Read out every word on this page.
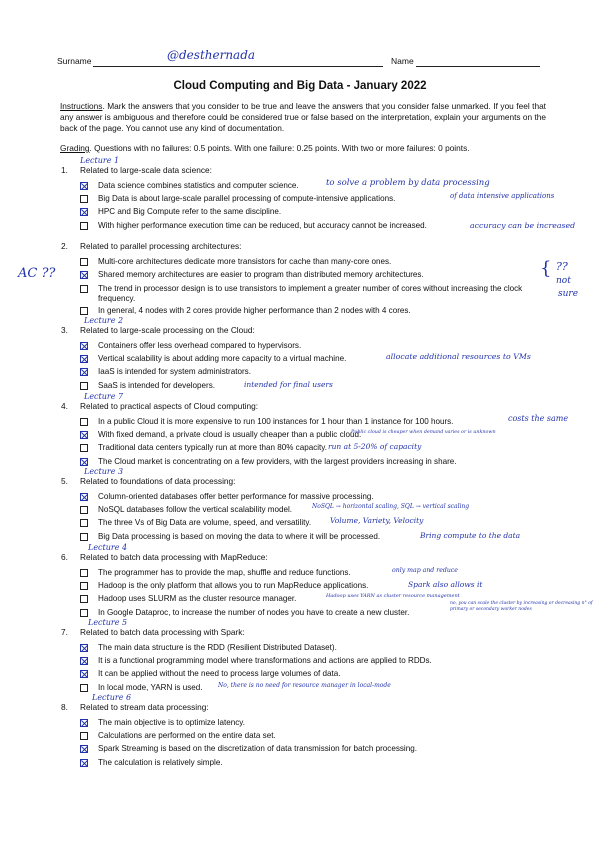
Surname	@desthernada	Name
Cloud Computing and Big Data - January 2022
Instructions. Mark the answers that you consider to be true and leave the answers that you consider false unmarked. If you feel that any answer is ambiguous and therefore could be considered true or false based on the interpretation, explain your arguments on the back of the page. You cannot use any kind of documentation.
Grading. Questions with no failures: 0.5 points. With one failure: 0.25 points. With two or more failures: 0 points.
Lecture 1
1. Related to large-scale data science:
Data science combines statistics and computer science.	to solve a problem by data processing
Big Data is about large-scale parallel processing of compute-intensive applications.	of data intensive applications
HPC and Big Compute refer to the same discipline.
With higher performance execution time can be reduced, but accuracy cannot be increased.	accuracy can be increased
2. Related to parallel processing architectures:
Multi-core architectures dedicate more transistors for cache than many-core ones.
Shared memory architectures are easier to program than distributed memory architectures.
The trend in processor design is to use transistors to implement a greater number of cores without increasing the clock frequency.
In general, 4 nodes with 2 cores provide higher performance than 2 nodes with 4 cores.
Lecture 2
3. Related to large-scale processing on the Cloud:
Containers offer less overhead compared to hypervisors.
Vertical scalability is about adding more capacity to a virtual machine.	allocate additional resources to VMs
IaaS is intended for system administrators.
SaaS is intended for developers.	intended for final users
Lecture 7
4. Related to practical aspects of Cloud computing:
In a public Cloud it is more expensive to run 100 instances for 1 hour than 1 instance for 100 hours.	costs the same
With fixed demand, a private cloud is usually cheaper than a public cloud.
Public cloud is cheaper when demand varies or is unknown
Traditional data centers typically run at more than 80% capacity. run at 5-20% of capacity
The Cloud market is concentrating on a few providers, with the largest providers increasing in share.
Lecture 3
5. Related to foundations of data processing:
Column-oriented databases offer better performance for massive processing.
NoSQL databases follow the vertical scalability model.	NoSQL → horizontal scaling, SQL → vertical scaling
The three Vs of Big Data are volume, speed, and versatility.	Volume, Variety, Velocity
Big Data processing is based on moving the data to where it will be processed.	Bring compute to the data
Lecture 4
6. Related to batch data processing with MapReduce:
The programmer has to provide the map, shuffle and reduce functions.	only map and reduce
Hadoop is the only platform that allows you to run MapReduce applications.	Spark also allows it
Hadoop uses SLURM as the cluster resource manager.	Hadoop uses YARN as cluster resource management
In Google Dataproc, to increase the number of nodes you have to create a new cluster.
no, you can scale the cluster by increasing or decreasing n° of primary or secondary worker nodes
Lecture 5
7. Related to batch data processing with Spark:
The main data structure is the RDD (Resilient Distributed Dataset).
It is a functional programming model where transformations and actions are applied to RDDs.
It can be applied without the need to process large volumes of data.
In local mode, YARN is used.	No, there is no need for resource manager in local-mode
Lecture 6
8. Related to stream data processing:
The main objective is to optimize latency.
Calculations are performed on the entire data set.
Spark Streaming is based on the discretization of data transmission for batch processing.
The calculation is relatively simple.
AC ??	{ ??
not
sure
